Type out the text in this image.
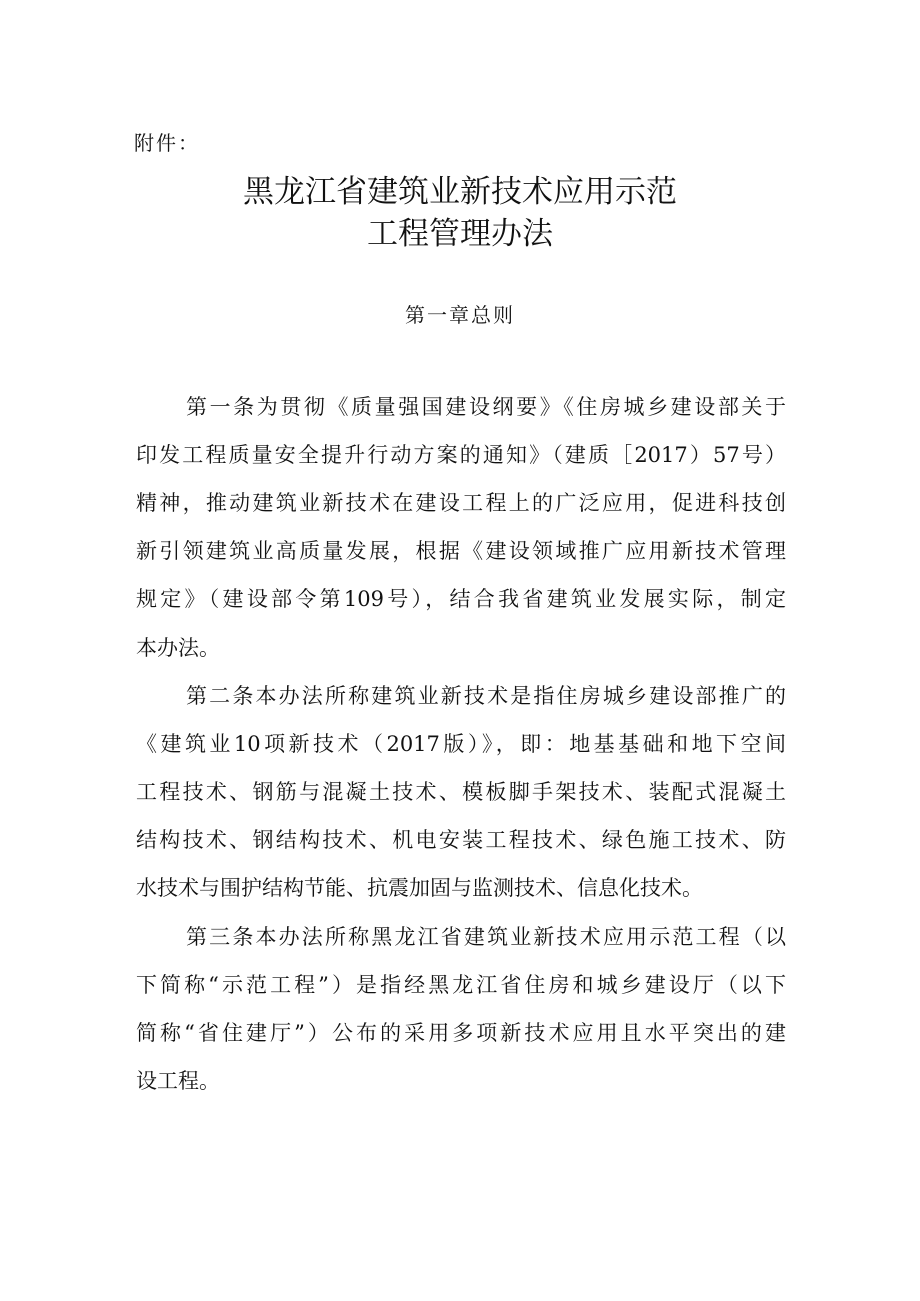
附件：
黑龙江省建筑业新技术应用示范
工程管理办法
第一章总则
第一条为贯彻《质量强国建设纲要》《住房城乡建设部关于
印发工程质量安全提升行动方案的通知》（建质［2017）57号）
精神，推动建筑业新技术在建设工程上的广泛应用，促进科技创
新引领建筑业高质量发展，根据《建设领域推广应用新技术管理
规定》（建设部令第109号），结合我省建筑业发展实际，制定
本办法。
第二条本办法所称建筑业新技术是指住房城乡建设部推广的
《建筑业10项新技术（2017版）》，即：地基基础和地下空间
工程技术、钢筋与混凝土技术、模板脚手架技术、装配式混凝土
结构技术、钢结构技术、机电安装工程技术、绿色施工技术、防
水技术与围护结构节能、抗震加固与监测技术、信息化技术。
第三条本办法所称黑龙江省建筑业新技术应用示范工程（以
下简称“示范工程”）是指经黑龙江省住房和城乡建设厅（以下
简称“省住建厅”）公布的采用多项新技术应用且水平突出的建
设工程。
